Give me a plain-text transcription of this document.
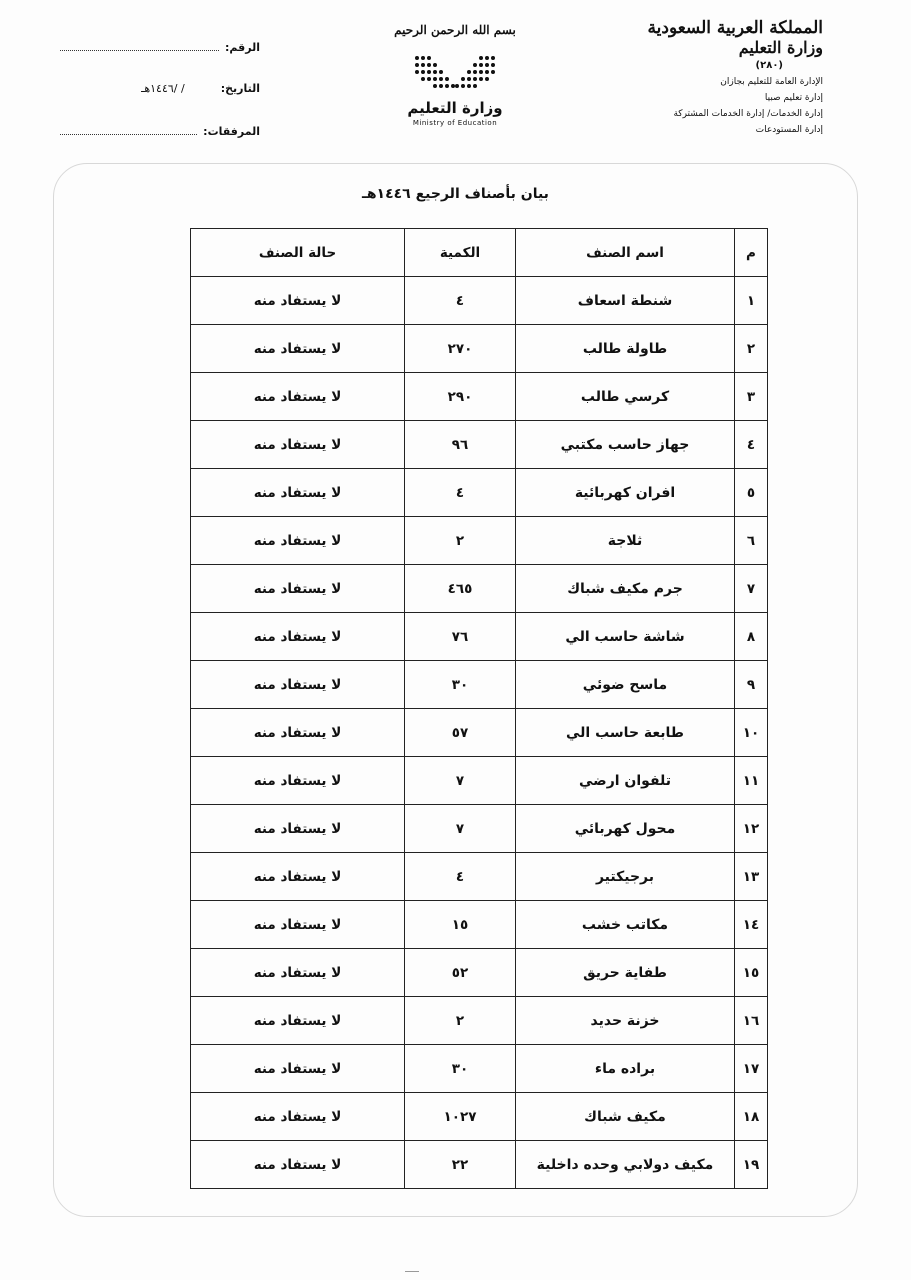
المملكة العربية السعودية
وزارة التعليم
(٢٨٠)
الإدارة العامة للتعليم بجازان
إدارة تعليم صبيا
إدارة الخدمات/ إدارة الخدمات المشتركة
إدارة المستودعات
بسم الله الرحمن الرحيم
وزارة التعليم
Ministry of Education
الرقم:
التاريخ:
/ /١٤٤٦هـ
المرفقات:
بيان بأصناف الرجيع ١٤٤٦هـ
م	اسم الصنف	الكمية	حالة الصنف
١	شنطة اسعاف	٤	لا يستفاد منه
٢	طاولة طالب	٢٧٠	لا يستفاد منه
٣	كرسي طالب	٢٩٠	لا يستفاد منه
٤	جهاز حاسب مكتبي	٩٦	لا يستفاد منه
٥	افران كهربائية	٤	لا يستفاد منه
٦	ثلاجة	٢	لا يستفاد منه
٧	جرم مكيف شباك	٤٦٥	لا يستفاد منه
٨	شاشة حاسب الي	٧٦	لا يستفاد منه
٩	ماسح ضوئي	٣٠	لا يستفاد منه
١٠	طابعة حاسب الي	٥٧	لا يستفاد منه
١١	تلفوان ارضي	٧	لا يستفاد منه
١٢	محول كهربائي	٧	لا يستفاد منه
١٣	برجيكتير	٤	لا يستفاد منه
١٤	مكاتب خشب	١٥	لا يستفاد منه
١٥	طفاية حريق	٥٢	لا يستفاد منه
١٦	خزنة حديد	٢	لا يستفاد منه
١٧	براده ماء	٣٠	لا يستفاد منه
١٨	مكيف شباك	١٠٢٧	لا يستفاد منه
١٩	مكيف دولابي وحده داخلية	٢٢	لا يستفاد منه
